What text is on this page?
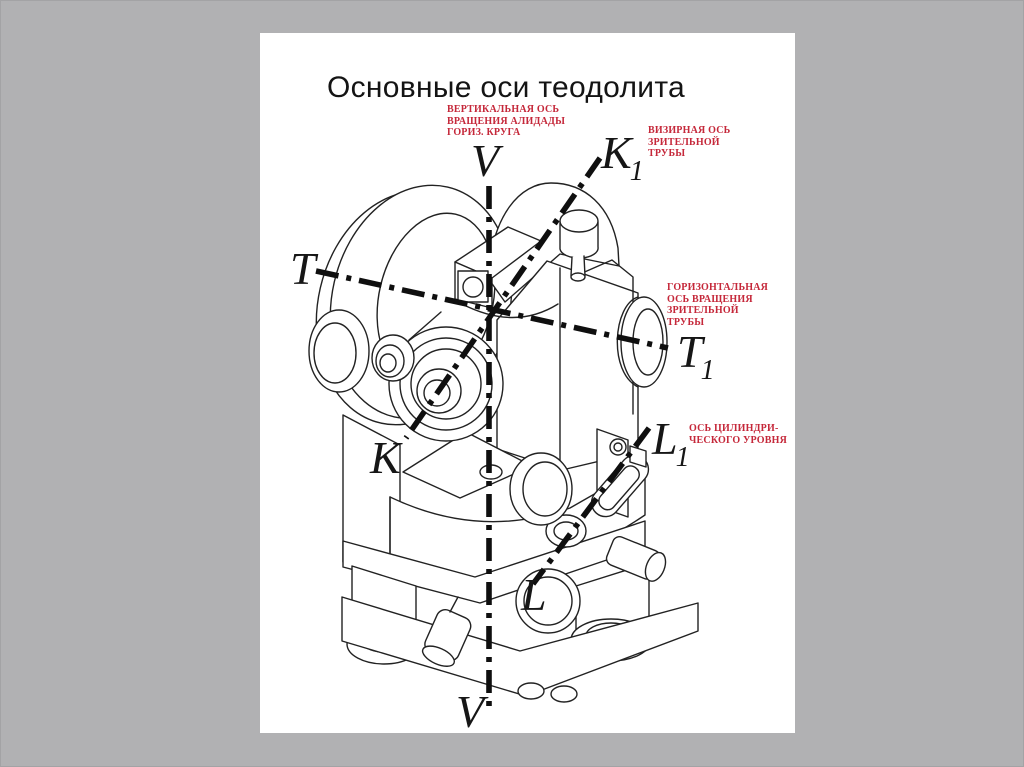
Основные оси теодолита
ВЕРТИКАЛЬНАЯ ОСЬ
ВРАЩЕНИЯ АЛИДАДЫ
ГОРИЗ. КРУГА	ВИЗИРНАЯ ОСЬ
ЗРИТЕЛЬНОЙ
ТРУБЫ
ГОРИЗОНТАЛЬНАЯ
ОСЬ ВРАЩЕНИЯ
ЗРИТЕЛЬНОЙ
ТРУБЫ
ОСЬ ЦИЛИНДРИ-
ЧЕСКОГО УРОВНЯ
V $K_1$
T
$T_1$
K	$L_1$
L
V
